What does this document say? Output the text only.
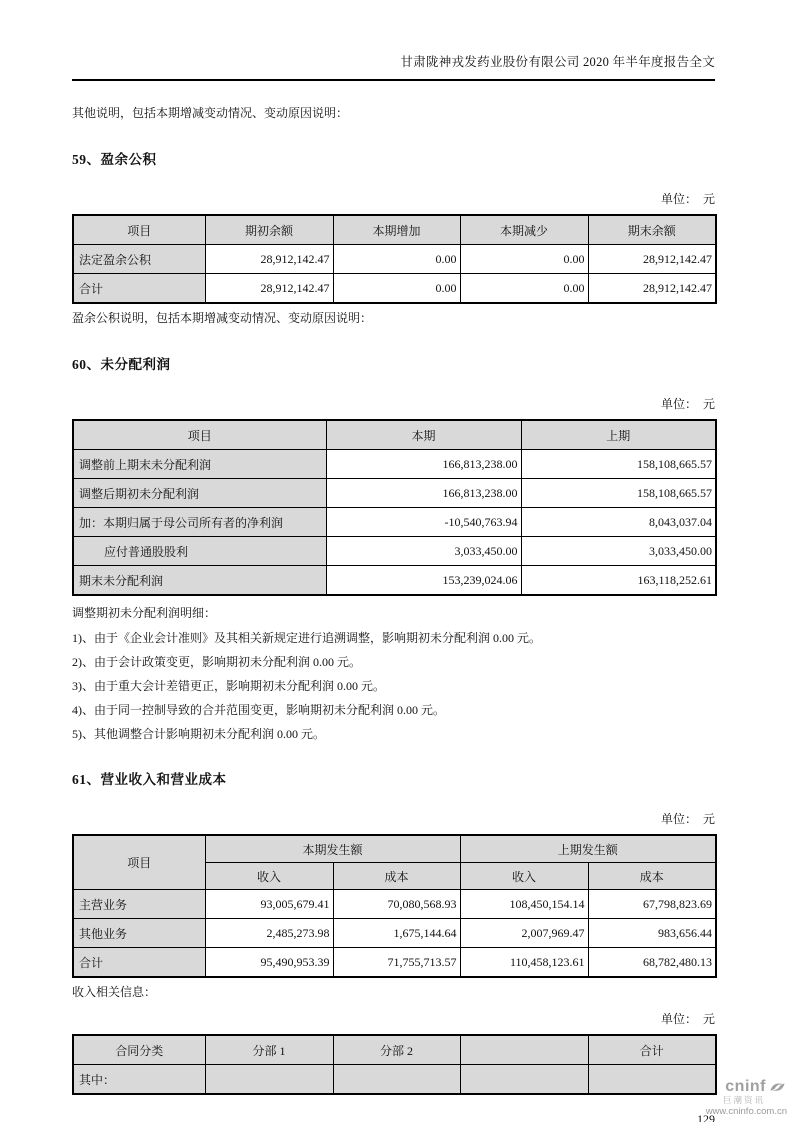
甘肃陇神戎发药业股份有限公司 2020 年半年度报告全文

其他说明，包括本期增减变动情况、变动原因说明：

59、盈余公积
单位：　元
项目	期初余额	本期增加	本期减少	期末余额
法定盈余公积	28,912,142.47	0.00	0.00	28,912,142.47
合计	28,912,142.47	0.00	0.00	28,912,142.47

盈余公积说明，包括本期增减变动情况、变动原因说明：

60、未分配利润
单位：　元
项目	本期	上期
调整前上期末未分配利润	166,813,238.00	158,108,665.57
调整后期初未分配利润	166,813,238.00	158,108,665.57
加：本期归属于母公司所有者的净利润	-10,540,763.94	8,043,037.04
应付普通股股利	3,033,450.00	3,033,450.00
期末未分配利润	153,239,024.06	163,118,252.61

调整期初未分配利润明细：

1)、由于《企业会计准则》及其相关新规定进行追溯调整，影响期初未分配利润 0.00 元。

2)、由于会计政策变更，影响期初未分配利润 0.00 元。

3)、由于重大会计差错更正，影响期初未分配利润 0.00 元。

4)、由于同一控制导致的合并范围变更，影响期初未分配利润 0.00 元。

5)、其他调整合计影响期初未分配利润 0.00 元。

61、营业收入和营业成本
单位：　元
项目	本期发生额		上期发生额	
	收入	成本	收入	成本
主营业务	93,005,679.41	70,080,568.93	108,450,154.14	67,798,823.69
其他业务	2,485,273.98	1,675,144.64	2,007,969.47	983,656.44
合计	95,490,953.39	71,755,713.57	110,458,123.61	68,782,480.13

收入相关信息：

单位：　元
合同分类	分部 1	分部 2		合计
其中：				
129
cninf
巨潮资讯
www.cninfo.com.cn
